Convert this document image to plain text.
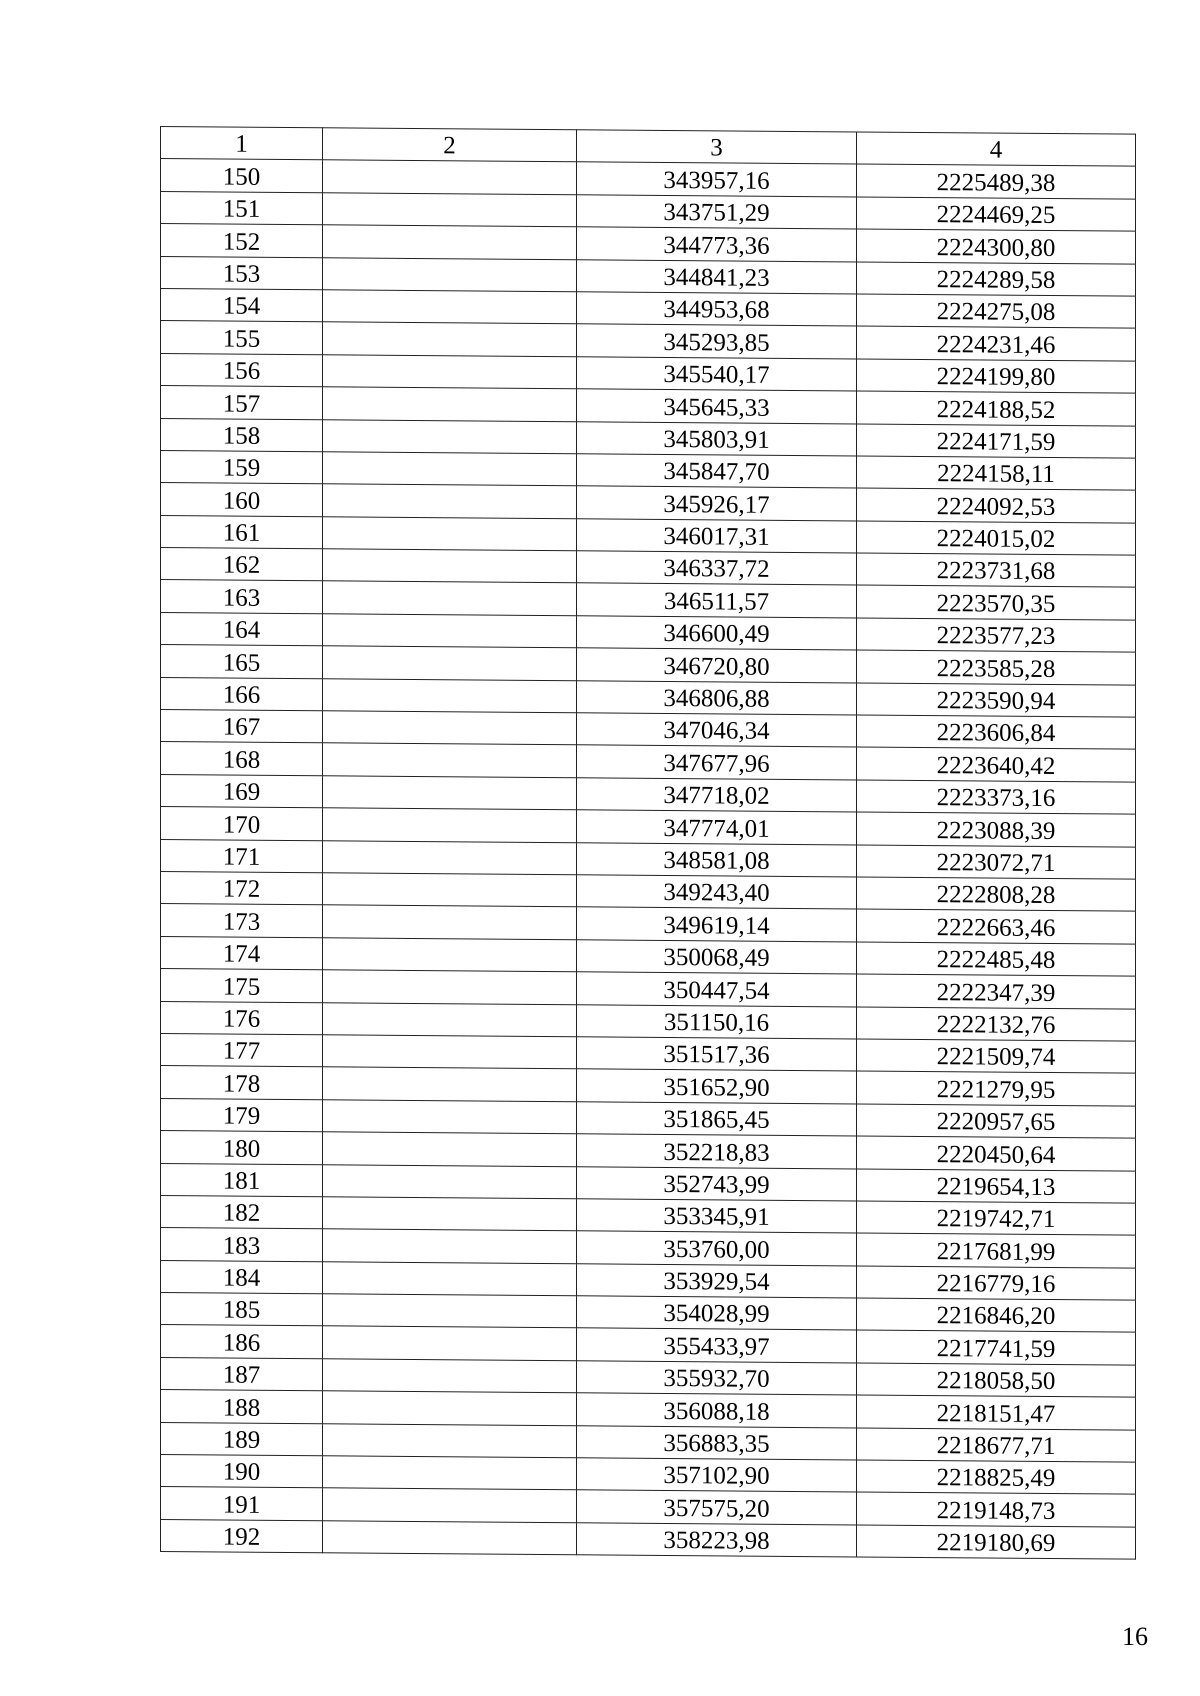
1	2	3	4
150		343957,16	2225489,38
151		343751,29	2224469,25
152		344773,36	2224300,80
153		344841,23	2224289,58
154		344953,68	2224275,08
155		345293,85	2224231,46
156		345540,17	2224199,80
157		345645,33	2224188,52
158		345803,91	2224171,59
159		345847,70	2224158,11
160		345926,17	2224092,53
161		346017,31	2224015,02
162		346337,72	2223731,68
163		346511,57	2223570,35
164		346600,49	2223577,23
165		346720,80	2223585,28
166		346806,88	2223590,94
167		347046,34	2223606,84
168		347677,96	2223640,42
169		347718,02	2223373,16
170		347774,01	2223088,39
171		348581,08	2223072,71
172		349243,40	2222808,28
173		349619,14	2222663,46
174		350068,49	2222485,48
175		350447,54	2222347,39
176		351150,16	2222132,76
177		351517,36	2221509,74
178		351652,90	2221279,95
179		351865,45	2220957,65
180		352218,83	2220450,64
181		352743,99	2219654,13
182		353345,91	2219742,71
183		353760,00	2217681,99
184		353929,54	2216779,16
185		354028,99	2216846,20
186		355433,97	2217741,59
187		355932,70	2218058,50
188		356088,18	2218151,47
189		356883,35	2218677,71
190		357102,90	2218825,49
191		357575,20	2219148,73
192		358223,98	2219180,69
16
